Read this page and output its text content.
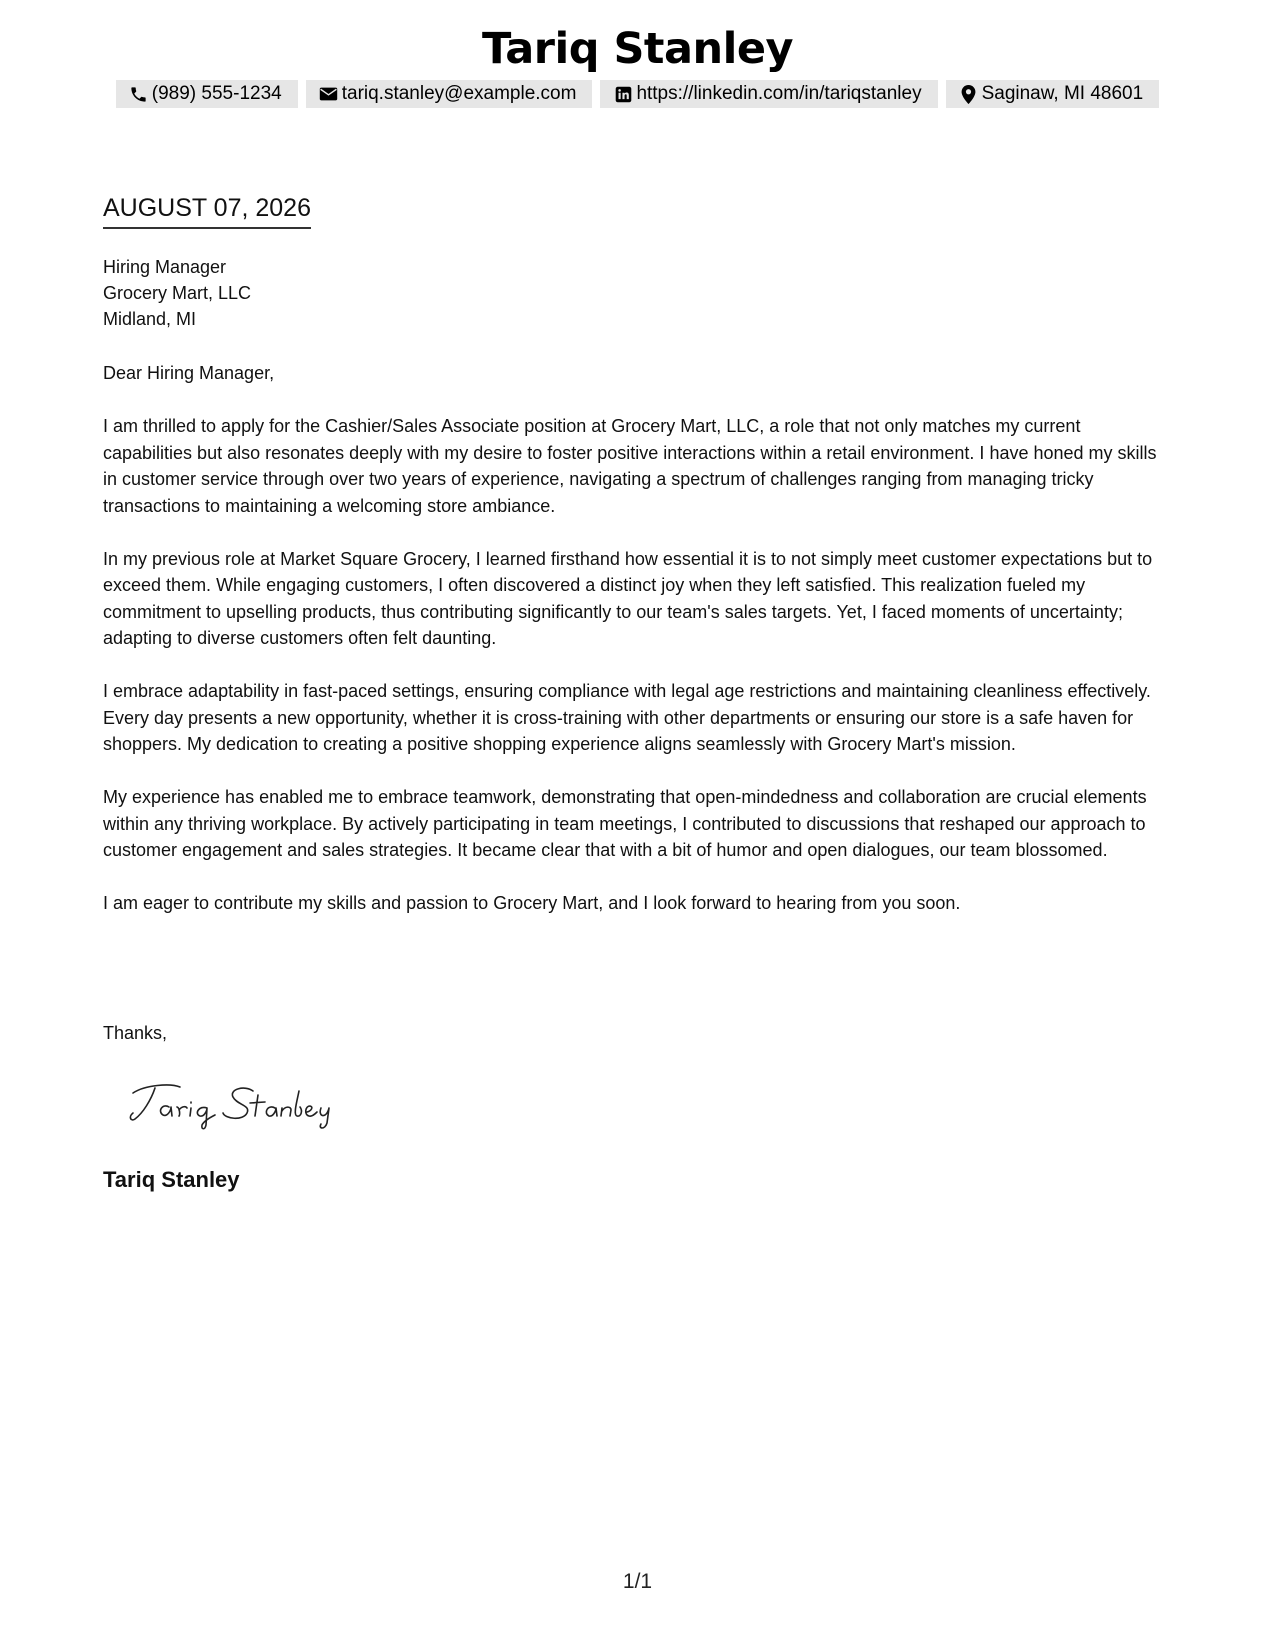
Tariq Stanley
(989) 555-1234	tariq.stanley@example.com	https://linkedin.com/in/tariqstanley	Saginaw, MI 48601
AUGUST 07, 2026
Hiring Manager
Grocery Mart, LLC
Midland, MI

Dear Hiring Manager,

I am thrilled to apply for the Cashier/Sales Associate position at Grocery Mart, LLC, a role that not only matches my current capabilities but also resonates deeply with my desire to foster positive interactions within a retail environment. I have honed my skills in customer service through over two years of experience, navigating a spectrum of challenges ranging from managing tricky transactions to maintaining a welcoming store ambiance.

In my previous role at Market Square Grocery, I learned firsthand how essential it is to not simply meet customer expectations but to exceed them. While engaging customers, I often discovered a distinct joy when they left satisfied. This realization fueled my commitment to upselling products, thus contributing significantly to our team's sales targets. Yet, I faced moments of uncertainty; adapting to diverse customers often felt daunting.

I embrace adaptability in fast-paced settings, ensuring compliance with legal age restrictions and maintaining cleanliness effectively. Every day presents a new opportunity, whether it is cross-training with other departments or ensuring our store is a safe haven for shoppers. My dedication to creating a positive shopping experience aligns seamlessly with Grocery Mart's mission.

My experience has enabled me to embrace teamwork, demonstrating that open-mindedness and collaboration are crucial elements within any thriving workplace. By actively participating in team meetings, I contributed to discussions that reshaped our approach to customer engagement and sales strategies. It became clear that with a bit of humor and open dialogues, our team blossomed.

I am eager to contribute my skills and passion to Grocery Mart, and I look forward to hearing from you soon.

Thanks,
Tariq Stanley
1/1
